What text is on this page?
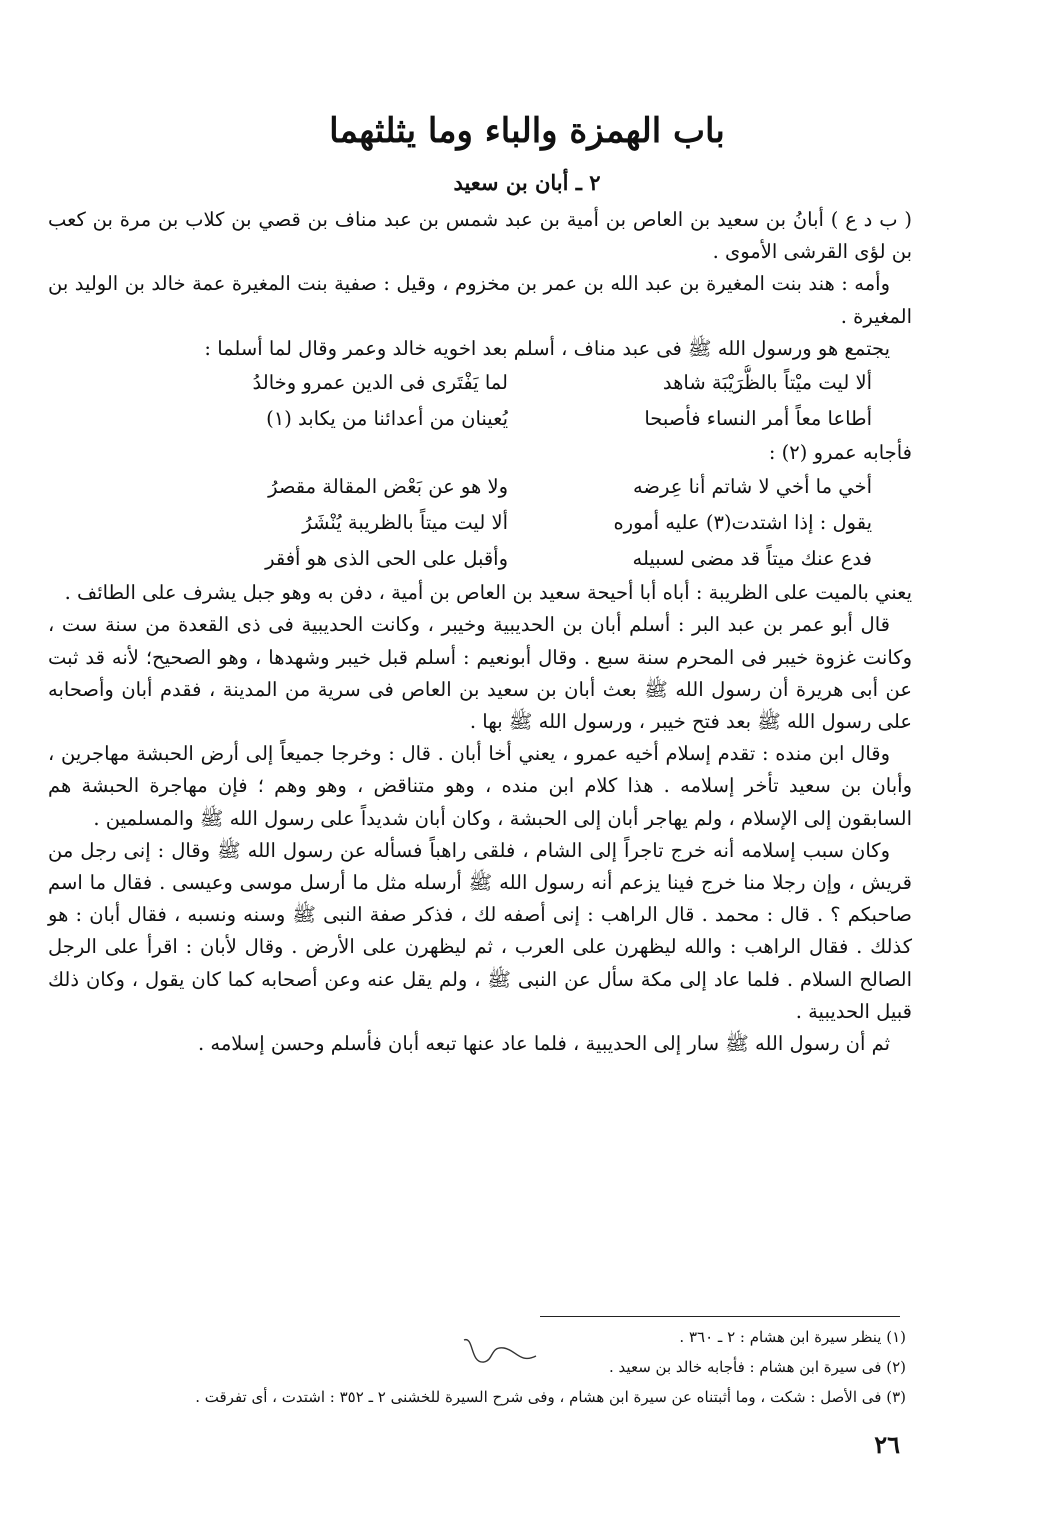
باب الهمزة والباء وما يثلثهما
٢ ـ أبان بن سعيد

( ب د ع ) أبانُ بن سعيد بن العاص بن أمية بن عبد شمس بن عبد مناف بن قصي بن كلاب بن مرة بن كعب بن لؤى القرشى الأموى .

وأمه : هند بنت المغيرة بن عبد الله بن عمر بن مخزوم ، وقيل : صفية بنت المغيرة عمة خالد بن الوليد بن المغيرة .

يجتمع هو ورسول الله ﷺ فى عبد مناف ، أسلم بعد اخويه خالد وعمر وقال لما أسلما :

ألا ليت ميْتاً بالظُّرَيْبَة شاهد
لما يَفْتَرى فى الدين عمرو وخالدُ
أطاعا معاً أمر النساء فأصبحا
يُعينان من أعدائنا من يكابد (١)

فأجابه عمرو (٢) :

أخي ما أخي لا شاتم أنا عِرضه
ولا هو عن بَعْض المقالة مقصرُ
يقول : إذا اشتدت(٣) عليه أموره
ألا ليت ميتاً بالظريبة يُنْشَرُ
فدع عنك ميتاً قد مضى لسبيله
وأقبل على الحى الذى هو أفقر

يعني بالميت على الظريبة : أباه أبا أحيحة سعيد بن العاص بن أمية ، دفن به وهو جبل يشرف على الطائف .

قال أبو عمر بن عبد البر : أسلم أبان بن الحديبية وخيبر ، وكانت الحديبية فى ذى القعدة من سنة ست ، وكانت غزوة خيبر فى المحرم سنة سبع . وقال أبونعيم : أسلم قبل خيبر وشهدها ، وهو الصحيح؛ لأنه قد ثبت عن أبى هريرة أن رسول الله ﷺ بعث أبان بن سعيد بن العاص فى سرية من المدينة ، فقدم أبان وأصحابه على رسول الله ﷺ بعد فتح خيبر ، ورسول الله ﷺ بها .

وقال ابن منده : تقدم إسلام أخيه عمرو ، يعني أخا أبان . قال : وخرجا جميعاً إلى أرض الحبشة مهاجرين ، وأبان بن سعيد تأخر إسلامه . هذا كلام ابن منده ، وهو متناقض ، وهو وهم ؛ فإن مهاجرة الحبشة هم السابقون إلى الإسلام ، ولم يهاجر أبان إلى الحبشة ، وكان أبان شديداً على رسول الله ﷺ والمسلمين .

وكان سبب إسلامه أنه خرج تاجراً إلى الشام ، فلقى راهباً فسأله عن رسول الله ﷺ وقال : إنى رجل من قريش ، وإن رجلا منا خرج فينا يزعم أنه رسول الله ﷺ أرسله مثل ما أرسل موسى وعيسى . فقال ما اسم صاحبكم ؟ . قال : محمد . قال الراهب : إنى أصفه لك ، فذكر صفة النبى ﷺ وسنه ونسبه ، فقال أبان : هو كذلك . فقال الراهب : والله ليظهرن على العرب ، ثم ليظهرن على الأرض . وقال لأبان : اقرأ على الرجل الصالح السلام . فلما عاد إلى مكة سأل عن النبى ﷺ ، ولم يقل عنه وعن أصحابه كما كان يقول ، وكان ذلك قبيل الحديبية .

ثم أن رسول الله ﷺ سار إلى الحديبية ، فلما عاد عنها تبعه أبان فأسلم وحسن إسلامه .

(١) ينظر سيرة ابن هشام : ٢ ـ ٣٦٠ .
(٢) فى سيرة ابن هشام : فأجابه خالد بن سعيد .
(٣) فى الأصل : شكت ، وما أثبتناه عن سيرة ابن هشام ، وفى شرح السيرة للخشنى ٢ ـ ٣٥٢ : اشتدت ، أى تفرقت .
٢٦
